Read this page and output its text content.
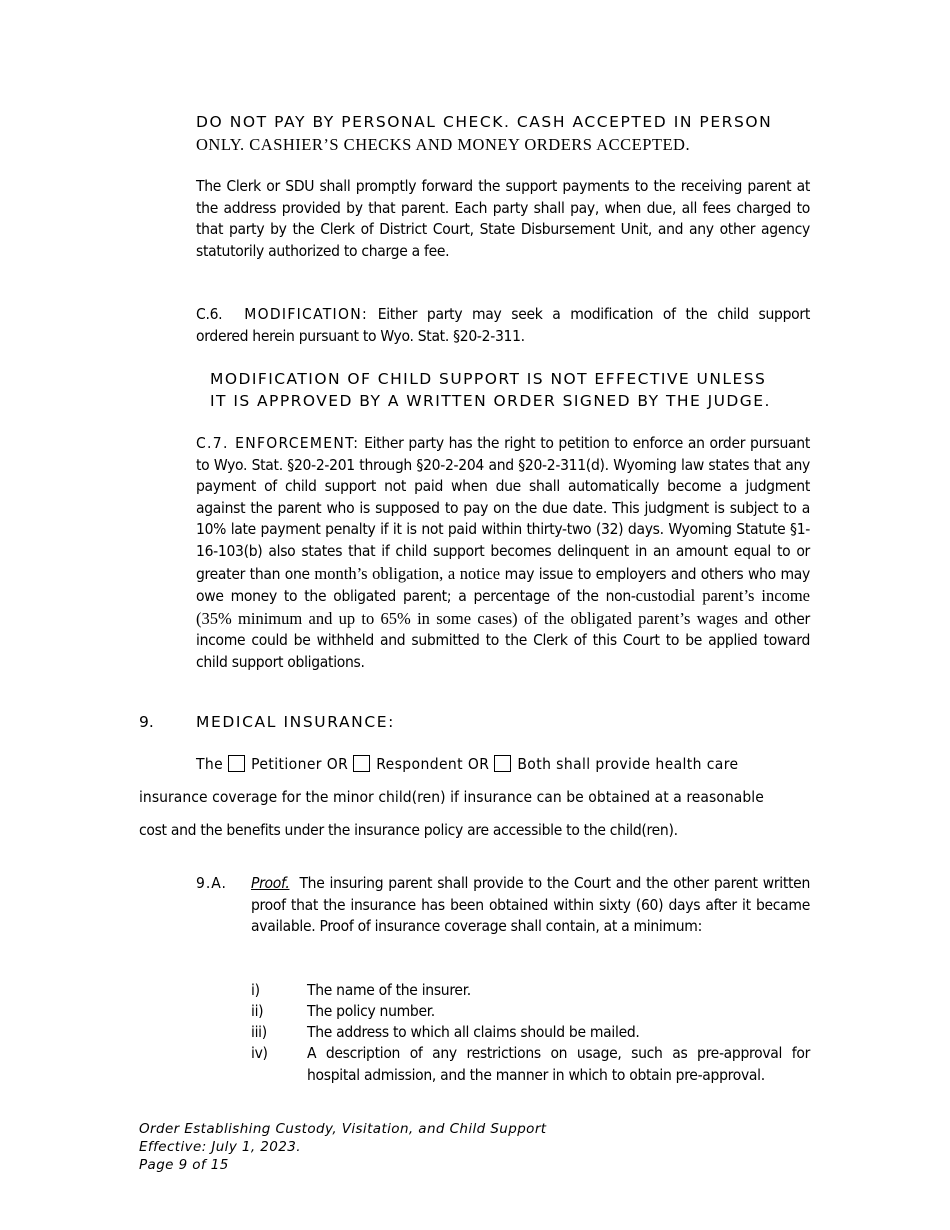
DO NOT PAY BY PERSONAL CHECK. CASH ACCEPTED IN PERSON
ONLY. CASHIER’S CHECKS AND MONEY ORDERS ACCEPTED.
The Clerk or SDU shall promptly forward the support payments to the receiving parent at the address provided by that parent. Each party shall pay, when due, all fees charged to that party by the Clerk of District Court, State Disbursement Unit, and any other agency statutorily authorized to charge a fee.
C.6. MODIFICATION: Either party may seek a modification of the child support ordered herein pursuant to Wyo. Stat. §20-2-311.
MODIFICATION OF CHILD SUPPORT IS NOT EFFECTIVE UNLESS
IT IS APPROVED BY A WRITTEN ORDER SIGNED BY THE JUDGE.
C.7. ENFORCEMENT: Either party has the right to petition to enforce an order pursuant to Wyo. Stat. §20-2-201 through §20-2-204 and §20-2-311(d). Wyoming law states that any payment of child support not paid when due shall automatically become a judgment against the parent who is supposed to pay on the due date. This judgment is subject to a 10% late payment penalty if it is not paid within thirty-two (32) days. Wyoming Statute §1-16-103(b) also states that if child support becomes delinquent in an amount equal to or greater than one month’s obligation, a notice may issue to employers and others who may owe money to the obligated parent; a percentage of the non-custodial parent’s income (35% minimum and up to 65% in some cases) of the obligated parent’s wages and other income could be withheld and submitted to the Clerk of this Court to be applied toward child support obligations.
9.	MEDICAL INSURANCE:
The Petitioner OR Respondent OR Both shall provide health care
insurance coverage for the minor child(ren) if insurance can be obtained at a reasonable
cost and the benefits under the insurance policy are accessible to the child(ren).
9.A.	Proof. The insuring parent shall provide to the Court and the other parent written proof that the insurance has been obtained within sixty (60) days after it became available. Proof of insurance coverage shall contain, at a minimum:
i)	The name of the insurer.
ii)	The policy number.
iii)	The address to which all claims should be mailed.
iv)	A description of any restrictions on usage, such as pre-approval for hospital admission, and the manner in which to obtain pre-approval.
Order Establishing Custody, Visitation, and Child Support
Effective: July 1, 2023.
Page 9 of 15
